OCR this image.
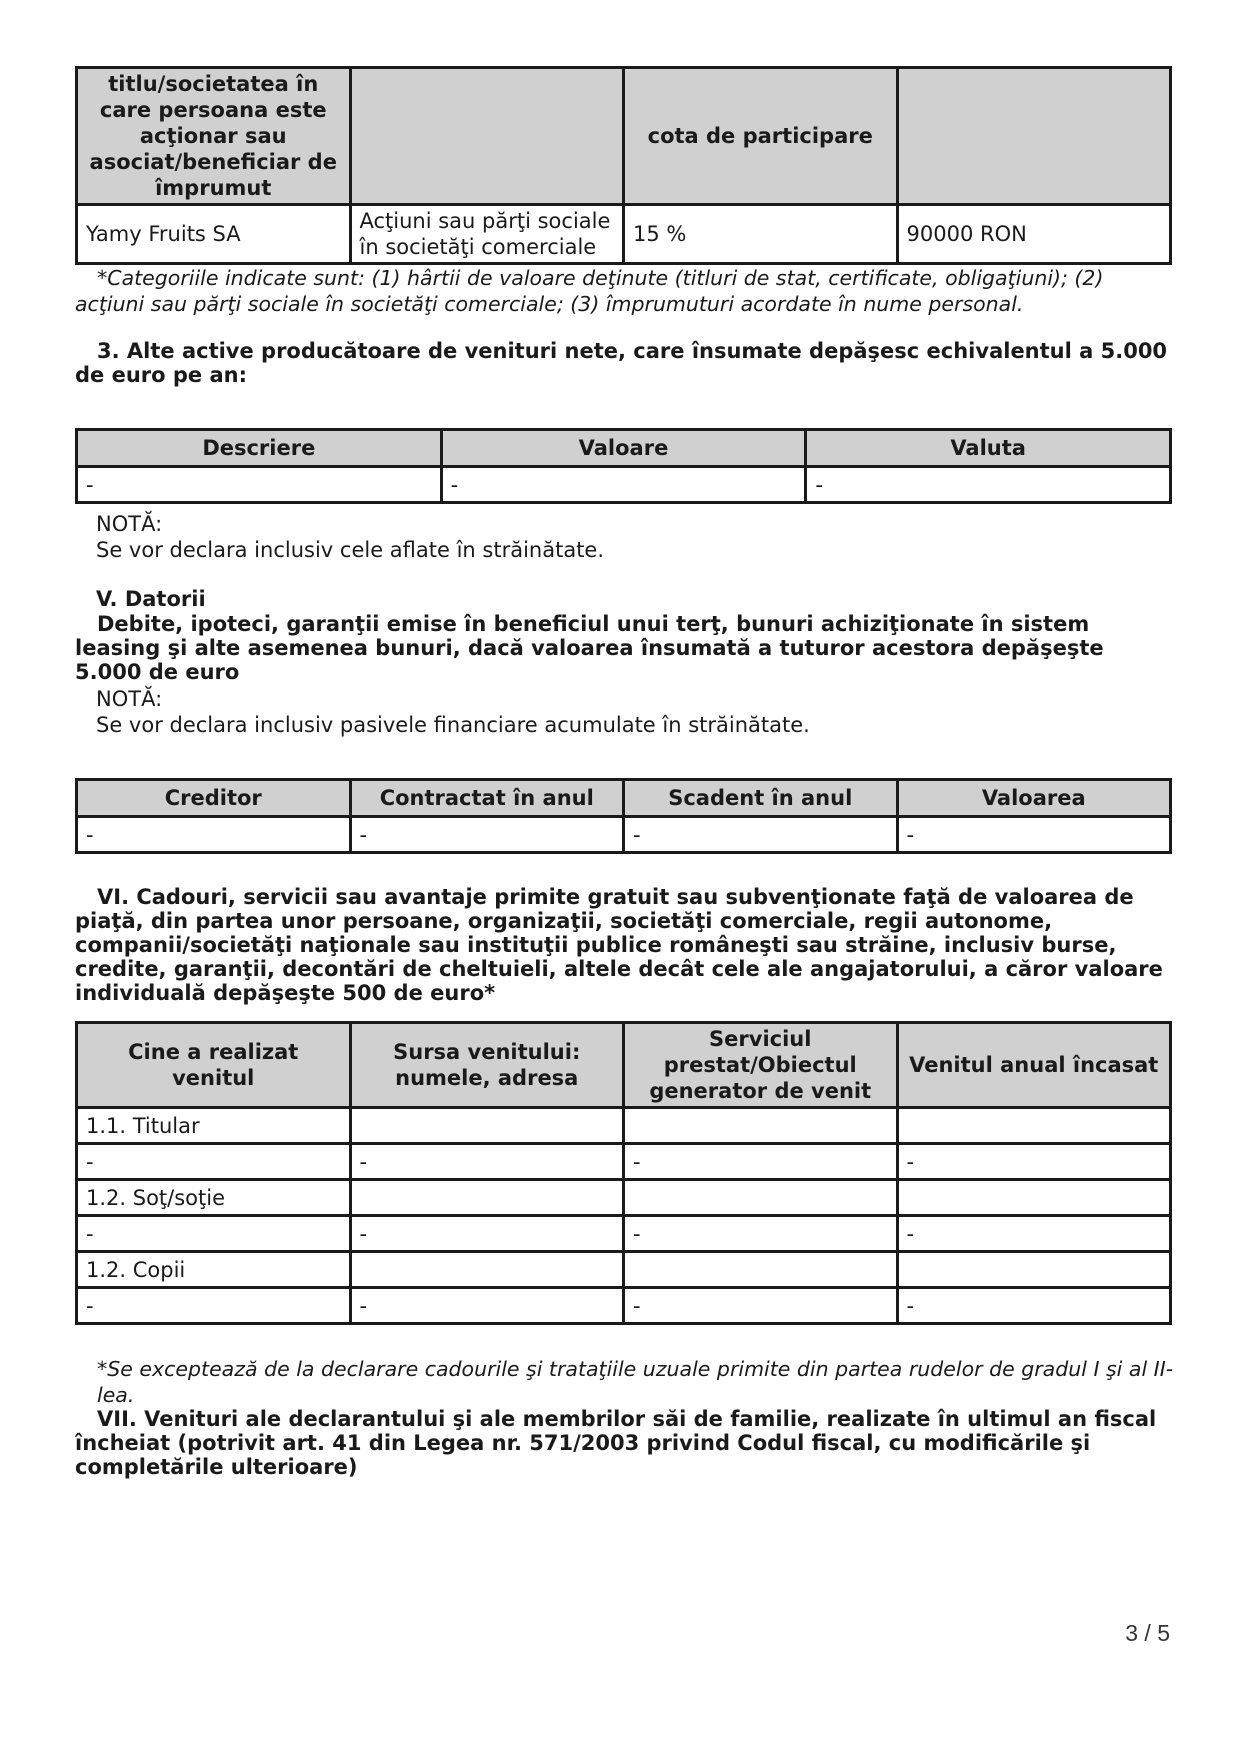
titlu/societatea în care persoana este acţionar sau asociat/beneficiar de împrumut		cota de participare	
Yamy Fruits SA	Acţiuni sau părţi sociale în societăţi comerciale	15 %	90000 RON

*Categoriile indicate sunt: (1) hârtii de valoare deţinute (titluri de stat, certificate, obligaţiuni); (2) acţiuni sau părţi sociale în societăţi comerciale; (3) împrumuturi acordate în nume personal.

3. Alte active producătoare de venituri nete, care însumate depăşesc echivalentul a 5.000 de euro pe an:

Descriere	Valoare	Valuta
-	-	-

NOTĂ:

Se vor declara inclusiv cele aflate în străinătate.

V. Datorii

Debite, ipoteci, garanţii emise în beneficiul unui terţ, bunuri achiziţionate în sistem leasing şi alte asemenea bunuri, dacă valoarea însumată a tuturor acestora depăşeşte 5.000 de euro

NOTĂ:

Se vor declara inclusiv pasivele financiare acumulate în străinătate.

Creditor	Contractat în anul	Scadent în anul	Valoarea
-	-	-	-

VI. Cadouri, servicii sau avantaje primite gratuit sau subvenţionate faţă de valoarea de piaţă, din partea unor persoane, organizaţii, societăţi comerciale, regii autonome, companii/societăţi naţionale sau instituţii publice româneşti sau străine, inclusiv burse, credite, garanţii, decontări de cheltuieli, altele decât cele ale angajatorului, a căror valoare individuală depăşeşte 500 de euro*

Cine a realizat venitul	Sursa venitului: numele, adresa	Serviciul prestat/Obiectul generator de venit	Venitul anual încasat
1.1. Titular			
-	-	-	-
1.2. Soţ/soţie			
-	-	-	-
1.2. Copii			
-	-	-	-

*Se exceptează de la declarare cadourile şi trataţiile uzuale primite din partea rudelor de gradul I şi al II-lea.

VII. Venituri ale declarantului şi ale membrilor săi de familie, realizate în ultimul an fiscal încheiat (potrivit art. 41 din Legea nr. 571/2003 privind Codul fiscal, cu modificările şi completările ulterioare)

3 / 5
